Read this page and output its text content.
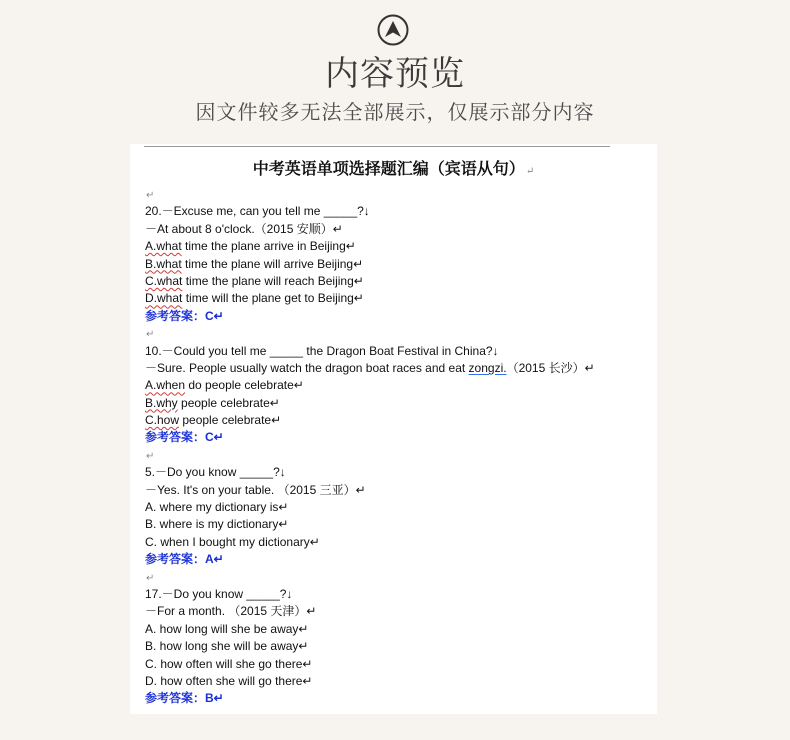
内容预览
因文件较多无法全部展示，仅展示部分内容
中考英语单项选择题汇编（宾语从句）↵
↵
20.－Excuse me, can you tell me _____?↓
－At about 8 o'clock.（2015 安顺）↵
A.what time the plane arrive in Beijing↵
B.what time the plane will arrive Beijing↵
C.what time the plane will reach Beijing↵
D.what time will the plane get to Beijing↵
参考答案：C↵
↵
10.－Could you tell me _____ the Dragon Boat Festival in China?↓
－Sure. People usually watch the dragon boat races and eat zongzi.（2015 长沙）↵
A.when do people celebrate↵
B.why people celebrate↵
C.how people celebrate↵
参考答案：C↵
↵
5.－Do you know _____?↓
－Yes. It's on your table. （2015 三亚）↵
A. where my dictionary is↵
B. where is my dictionary↵
C. when I bought my dictionary↵
参考答案：A↵
↵
17.－Do you know _____?↓
－For a month. （2015 天津）↵
A. how long will she be away↵
B. how long she will be away↵
C. how often will she go there↵
D. how often she will go there↵
参考答案：B↵
